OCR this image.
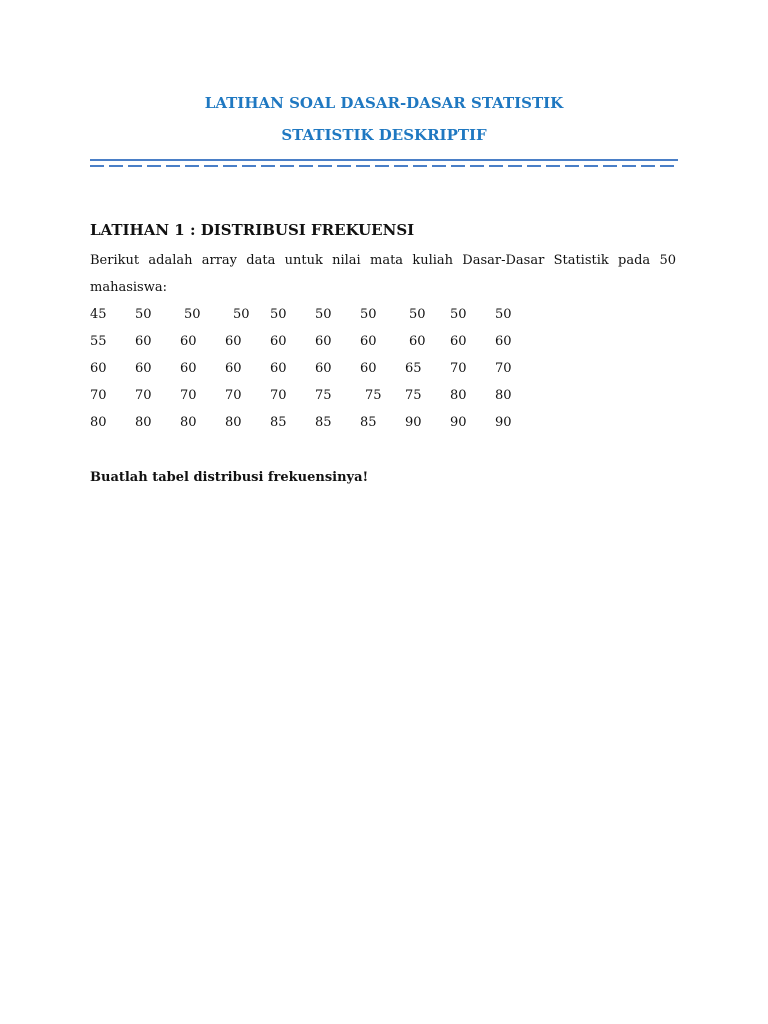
LATIHAN SOAL DASAR-DASAR STATISTIK
STATISTIK DESKRIPTIF
LATIHAN 1 : DISTRIBUSI FREKUENSI
Berikut adalah array data untuk nilai mata kuliah Dasar-Dasar Statistik pada 50
mahasiswa:
45 50 50 50 50 50 50 50 50 50
55 60 60 60 60 60 60 60 60 60
60 60 60 60 60 60 60 65 70 70
70 70 70 70 70 75	75 75 80 80
80 80 80 80 85 85 85 90 90 90
Buatlah tabel distribusi frekuensinya!
